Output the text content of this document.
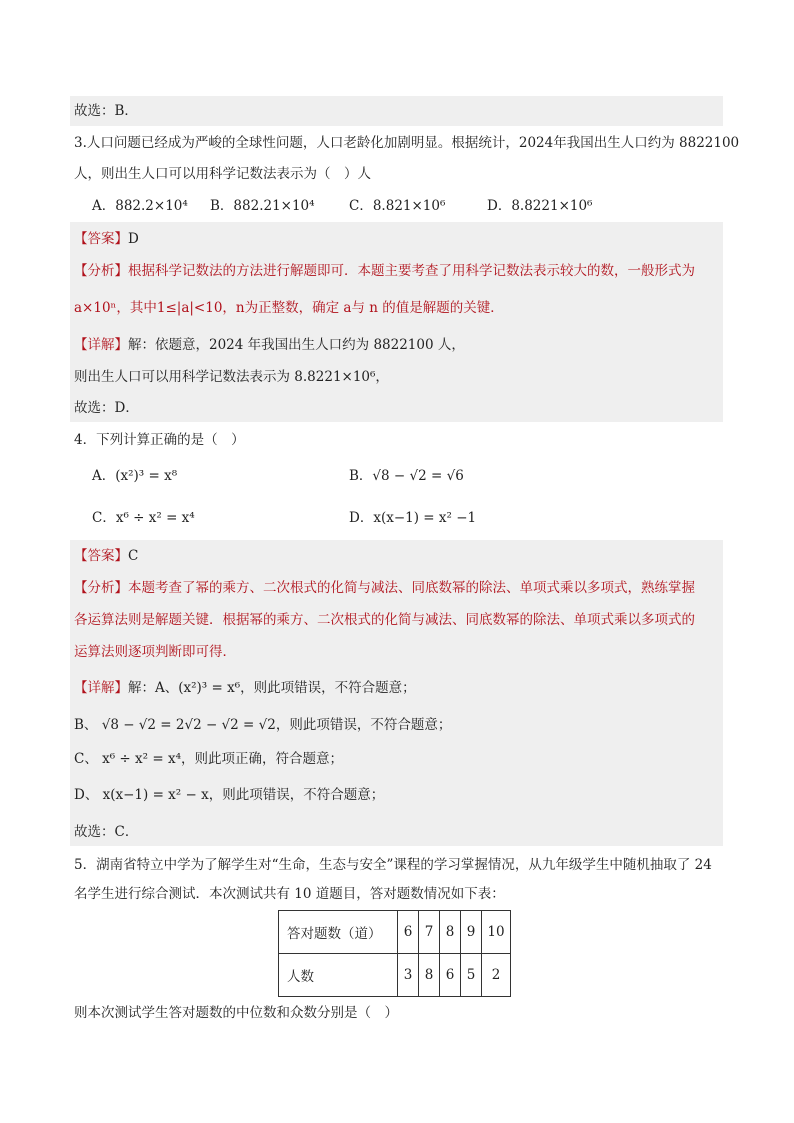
故选：B．
3.人口问题已经成为严峻的全球性问题，人口老龄化加剧明显。根据统计，2024年我国出生人口约为 8822100
人，则出生人口可以用科学记数法表示为（　）人
A．882.2×10⁴ B．882.21×10⁴	C．8.821×10⁶	D．8.8221×10⁶
【答案】D
【分析】根据科学记数法的方法进行解题即可．本题主要考查了用科学记数法表示较大的数，一般形式为
a×10ⁿ，其中1≤|a|<10，n为正整数，确定 a与 n 的值是解题的关键．
【详解】解：依题意，2024 年我国出生人口约为 8822100 人，
则出生人口可以用科学记数法表示为 8.8221×10⁶，
故选：D．
4．下列计算正确的是（　）
A．(x²)³ = x⁸	B．√8 − √2 = √6
C．x⁶ ÷ x² = x⁴	D．x(x−1) = x² −1
【答案】C
【分析】本题考查了幂的乘方、二次根式的化简与减法、同底数幂的除法、单项式乘以多项式，熟练掌握
各运算法则是解题关键．根据幂的乘方、二次根式的化简与减法、同底数幂的除法、单项式乘以多项式的
运算法则逐项判断即可得．
【详解】解：A、(x²)³ = x⁶，则此项错误，不符合题意；
B、 √8 − √2 = 2√2 − √2 = √2，则此项错误，不符合题意；
C、 x⁶ ÷ x² = x⁴，则此项正确，符合题意；
D、 x(x−1) = x² − x，则此项错误，不符合题意；
故选：C．
5．湖南省特立中学为了解学生对“生命，生态与安全”课程的学习掌握情况，从九年级学生中随机抽取了 24
名学生进行综合测试．本次测试共有 10 道题目，答对题数情况如下表：
答对题数（道）	6	7	8	9	10
人数	3	8	6	5	2
则本次测试学生答对题数的中位数和众数分别是（　）
